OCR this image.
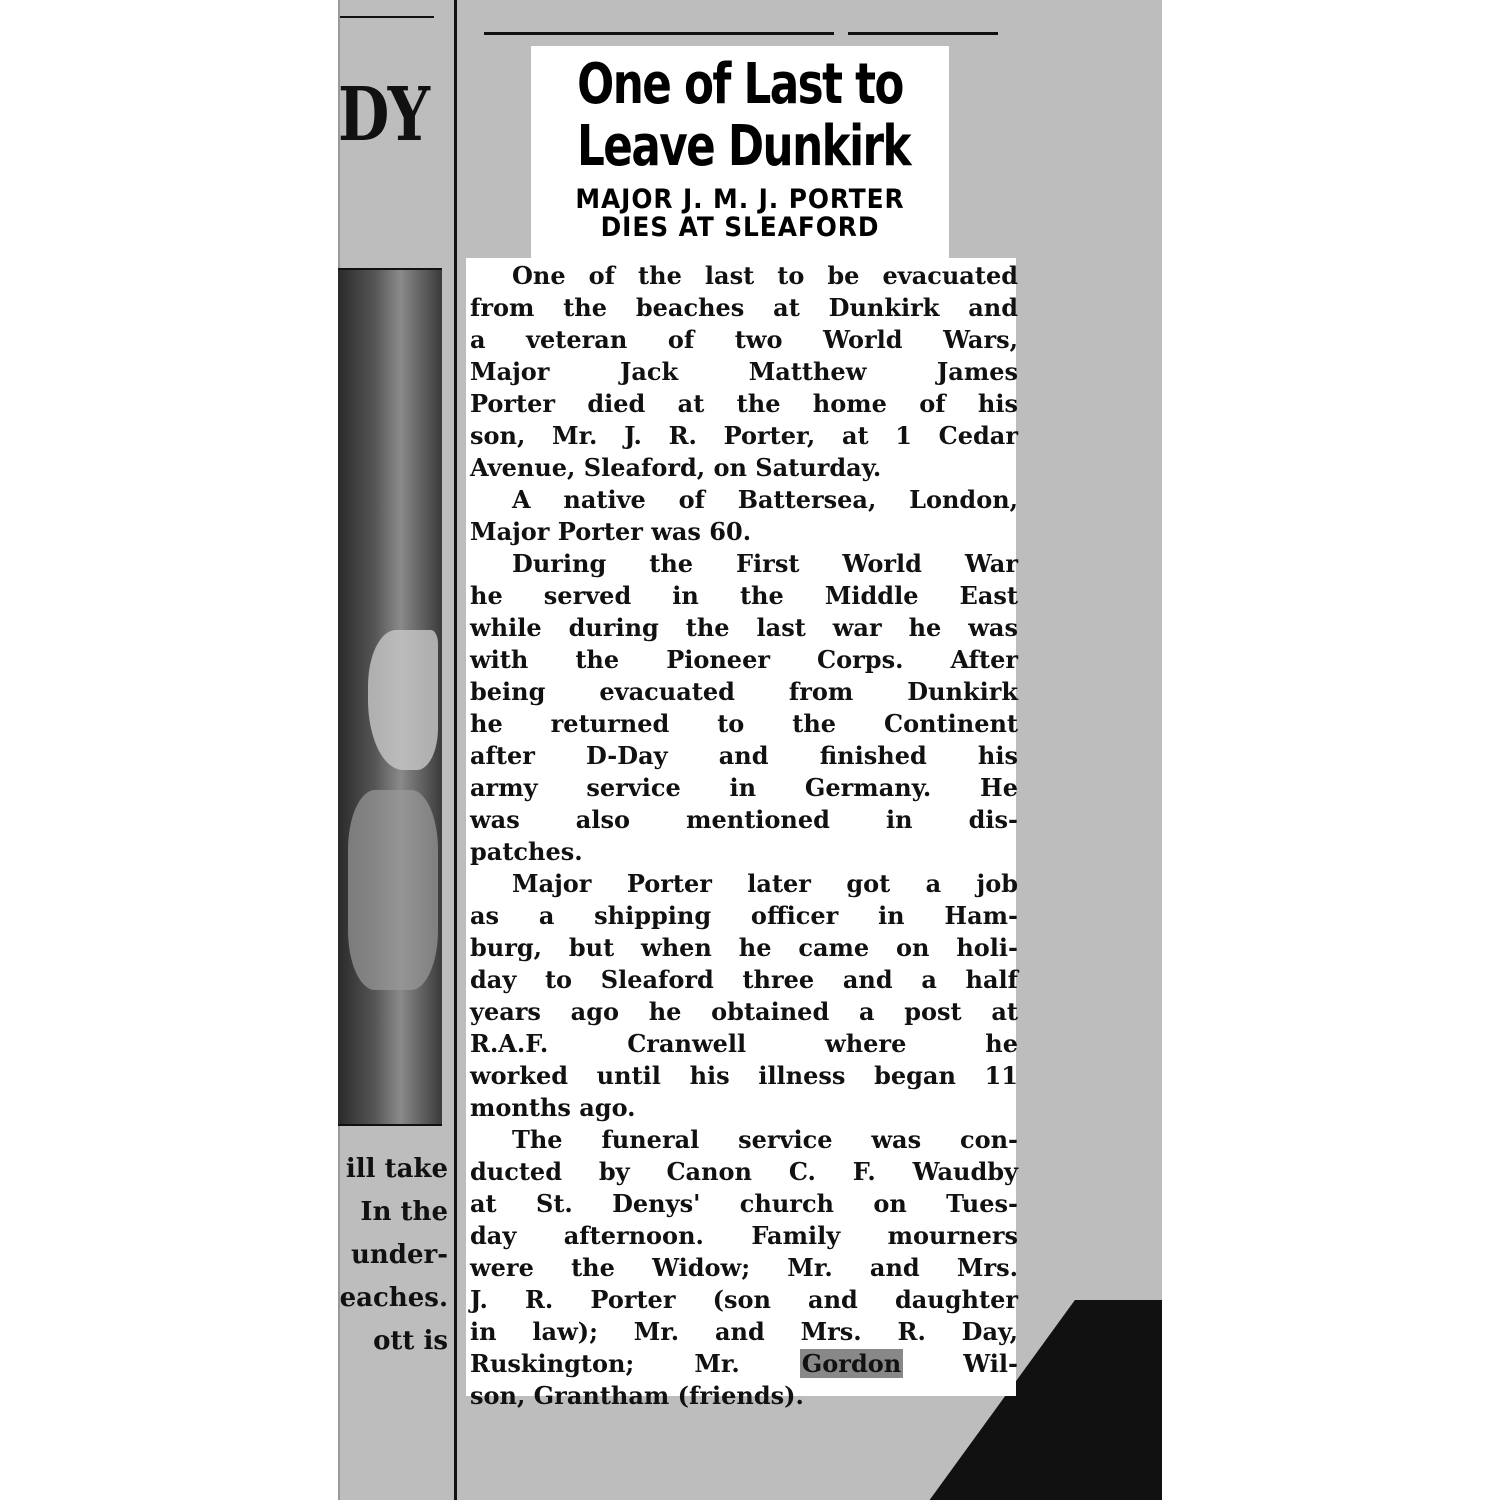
DY
ill take
In the
under-
eaches.
ott is
One of Last to
Leave Dunkirk
MAJOR J. M. J. PORTER
DIES AT SLEAFORD
One of the last to be evacuated
from the beaches at Dunkirk and
a veteran of two World Wars,
Major Jack Matthew James
Porter died at the home of his
son, Mr. J. R. Porter, at 1 Cedar
Avenue, Sleaford, on Saturday.
A native of Battersea, London,
Major Porter was 60.
During the First World War
he served in the Middle East
while during the last war he was
with the Pioneer Corps. After
being evacuated from Dunkirk
he returned to the Continent
after D-Day and finished his
army service in Germany. He
was also mentioned in dis-
patches.
Major Porter later got a job
as a shipping officer in Ham-
burg, but when he came on holi-
day to Sleaford three and a half
years ago he obtained a post at
R.A.F. Cranwell where he
worked until his illness began 11
months ago.
The funeral service was con-
ducted by Canon C. F. Waudby
at St. Denys' church on Tues-
day afternoon. Family mourners
were the Widow; Mr. and Mrs.
J. R. Porter (son and daughter
in law); Mr. and Mrs. R. Day,
Ruskington; Mr. Gordon Wil-
son, Grantham (friends).
